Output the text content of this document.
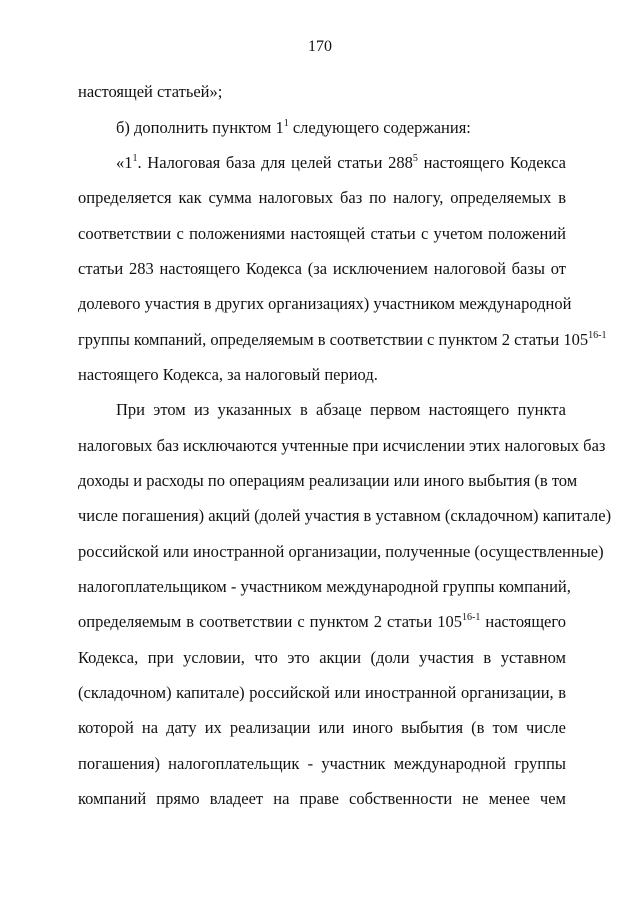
170
настоящей статьей»;
б) дополнить пунктом $1^1$ следующего содержания:
«$1^1$. Налоговая база для целей статьи $288^5$ настоящего Кодекса
определяется как сумма налоговых баз по налогу, определяемых в
соответствии с положениями настоящей статьи с учетом положений
статьи 283 настоящего Кодекса (за исключением налоговой базы от
долевого участия в других организациях) участником международной
группы компаний, определяемым в соответствии с пунктом 2 статьи 105$^{16-1}$
настоящего Кодекса, за налоговый период.
При этом из указанных в абзаце первом настоящего пункта
налоговых баз исключаются учтенные при исчислении этих налоговых баз
доходы и расходы по операциям реализации или иного выбытия (в том
числе погашения) акций (долей участия в уставном (складочном) капитале)
российской или иностранной организации, полученные (осуществленные)
налогоплательщиком - участником международной группы компаний,
определяемым в соответствии с пунктом 2 статьи 105$^{16-1}$ настоящего
Кодекса, при условии, что это акции (доли участия в уставном
(складочном) капитале) российской или иностранной организации, в
которой на дату их реализации или иного выбытия (в том числе
погашения) налогоплательщик - участник международной группы
компаний прямо владеет на праве собственности не менее чем
